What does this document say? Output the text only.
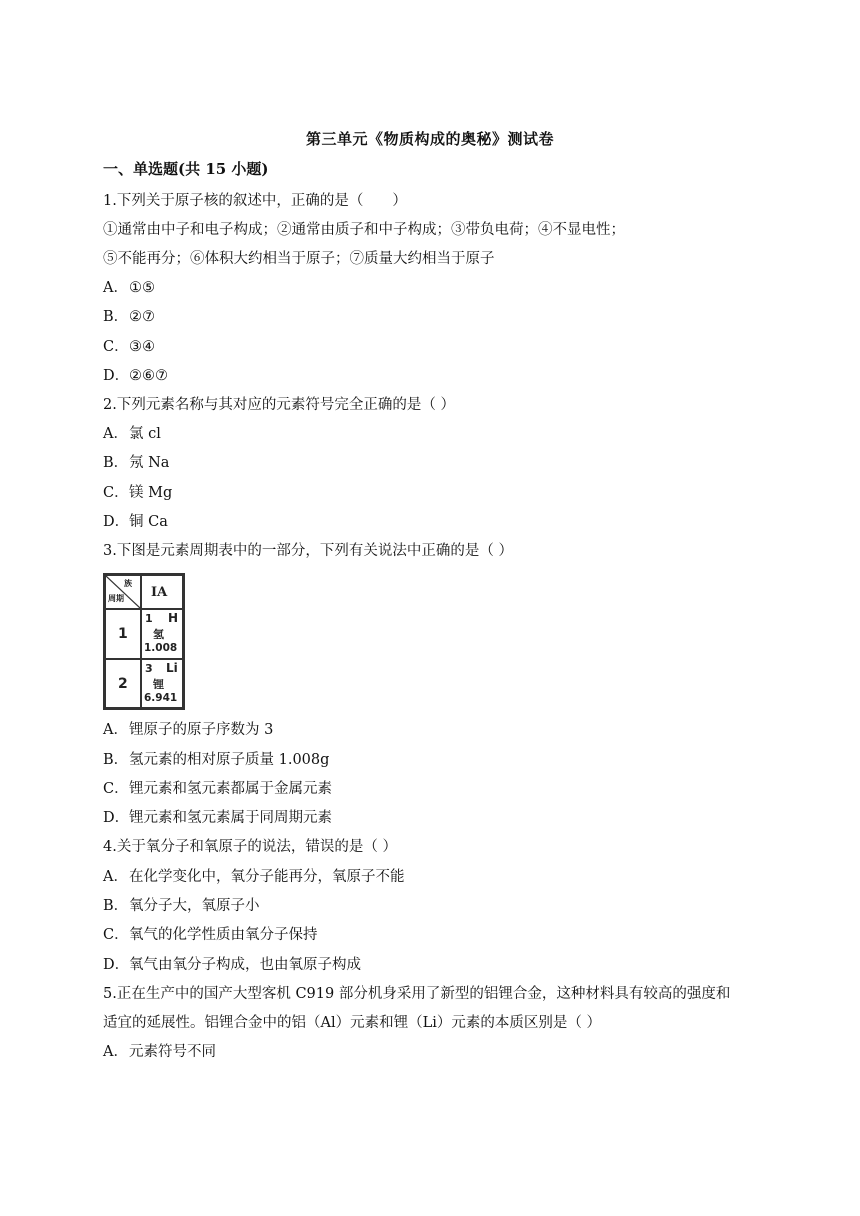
第三单元《物质构成的奥秘》测试卷
一、单选题(共 15 小题)
1.下列关于原子核的叙述中，正确的是（　　）
①通常由中子和电子构成；②通常由质子和中子构成；③带负电荷；④不显电性；
⑤不能再分；⑥体积大约相当于原子；⑦质量大约相当于原子
B．②⑦
C．③④
A．①⑤
D．②⑥⑦
2.下列元素名称与其对应的元素符号完全正确的是（ ）
A．氯 cl
B．氖 Na
C．镁 Mg
D．铜 Ca
族
周期 IA
1
1 H
氢
1.008
2
3 Li
锂
6.941
A．锂原子的原子序数为 3
B．氢元素的相对原子质量 1.008g
C．锂元素和氢元素都属于金属元素
D．锂元素和氢元素属于同周期元素
4.关于氧分子和氧原子的说法，错误的是（ ）
A．在化学变化中，氧分子能再分，氧原子不能
B．氧分子大，氧原子小
C．氧气的化学性质由氧分子保持
D．氧气由氧分子构成，也由氧原子构成
5.正在生产中的国产大型客机 C919 部分机身采用了新型的铝锂合金，这种材料具有较高的强度和
适宜的延展性。铝锂合金中的铝（Al）元素和锂（Li）元素的本质区别是（ ）
A．元素符号不同
3.下图是元素周期表中的一部分，下列有关说法中正确的是（ ）
